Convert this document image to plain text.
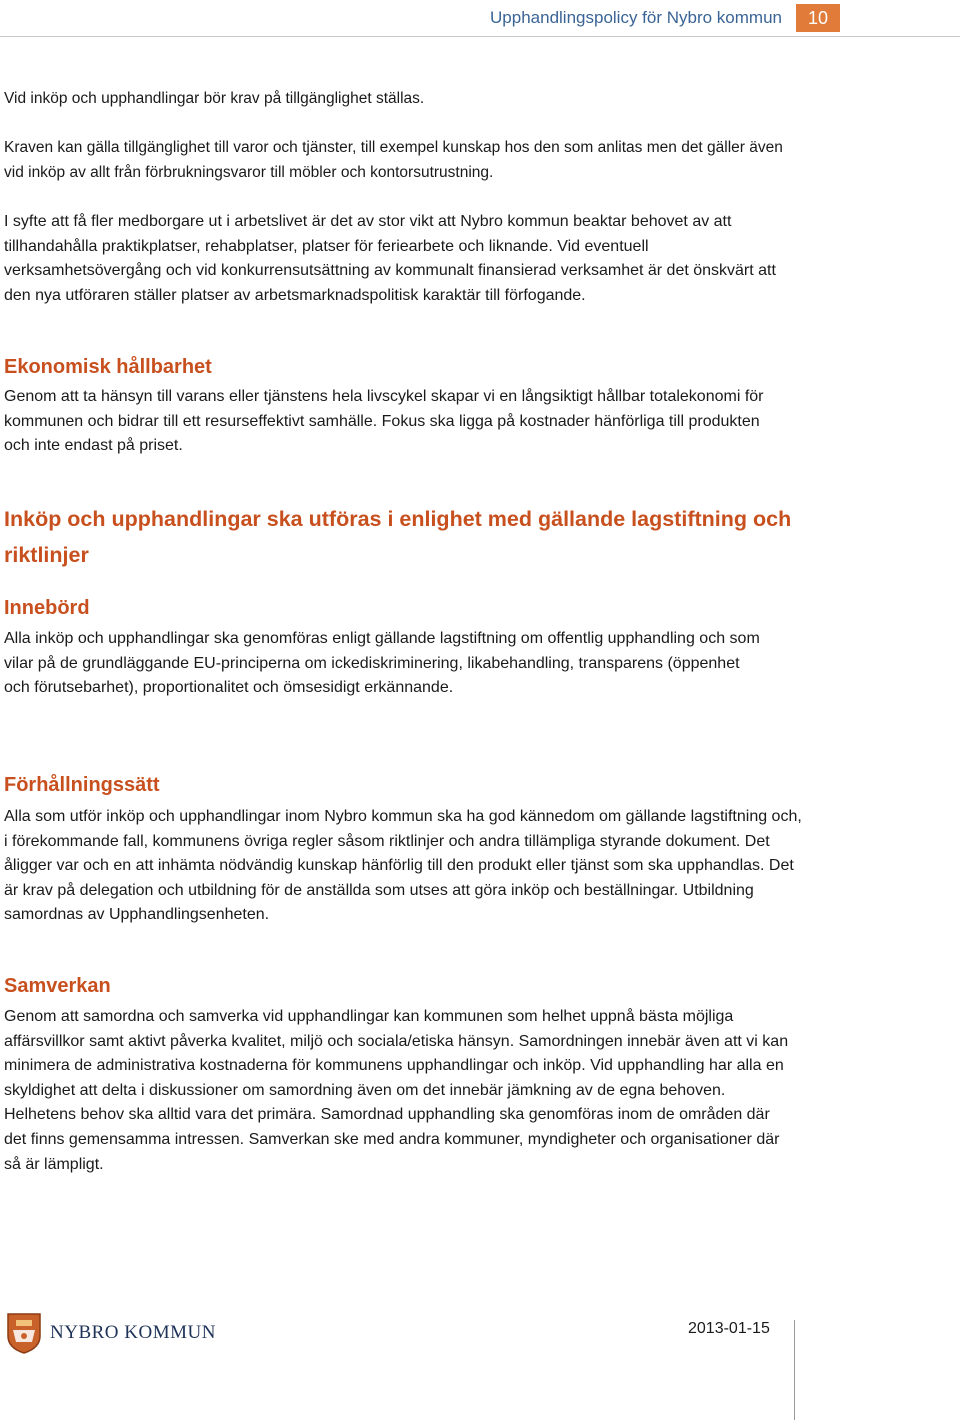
Upphandlingspolicy för Nybro kommun	10

Vid inköp och upphandlingar bör krav på tillgänglighet ställas.

Kraven kan gälla tillgänglighet till varor och tjänster, till exempel kunskap hos den som anlitas men det gäller även vid inköp av allt från förbrukningsvaror till möbler och kontorsutrustning.

I syfte att få fler medborgare ut i arbetslivet är det av stor vikt att Nybro kommun beaktar behovet av att tillhandahålla praktikplatser, rehabplatser, platser för feriearbete och liknande. Vid eventuell verksamhetsövergång och vid konkurrensutsättning av kommunalt finansierad verksamhet är det önskvärt att den nya utföraren ställer platser av arbetsmarknadspolitisk karaktär till förfogande.

Ekonomisk hållbarhet

Genom att ta hänsyn till varans eller tjänstens hela livscykel skapar vi en långsiktigt hållbar totalekonomi för kommunen och bidrar till ett resurseffektivt samhälle. Fokus ska ligga på kostnader hänförliga till produkten och inte endast på priset.

Inköp och upphandlingar ska utföras i enlighet med gällande lagstiftning och riktlinjer
Innebörd

Alla inköp och upphandlingar ska genomföras enligt gällande lagstiftning om offentlig upphandling och som vilar på de grundläggande EU-principerna om ickediskriminering, likabehandling, transparens (öppenhet och förutsebarhet), proportionalitet och ömsesidigt erkännande.

Förhållningssätt

Alla som utför inköp och upphandlingar inom Nybro kommun ska ha god kännedom om gällande lagstiftning och, i förekommande fall, kommunens övriga regler såsom riktlinjer och andra tillämpliga styrande dokument. Det åligger var och en att inhämta nödvändig kunskap hänförlig till den produkt eller tjänst som ska upphandlas. Det är krav på delegation och utbildning för de anställda som utses att göra inköp och beställningar. Utbildning samordnas av Upphandlingsenheten.

Samverkan

Genom att samordna och samverka vid upphandlingar kan kommunen som helhet uppnå bästa möjliga affärsvillkor samt aktivt påverka kvalitet, miljö och sociala/etiska hänsyn. Samordningen innebär även att vi kan minimera de administrativa kostnaderna för kommunens upphandlingar och inköp. Vid upphandling har alla en skyldighet att delta i diskussioner om samordning även om det innebär jämkning av de egna behoven. Helhetens behov ska alltid vara det primära. Samordnad upphandling ska genomföras inom de områden där det finns gemensamma intressen. Samverkan ske med andra kommuner, myndigheter och organisationer där så är lämpligt.

NYBRO KOMMUN	2013-01-15
